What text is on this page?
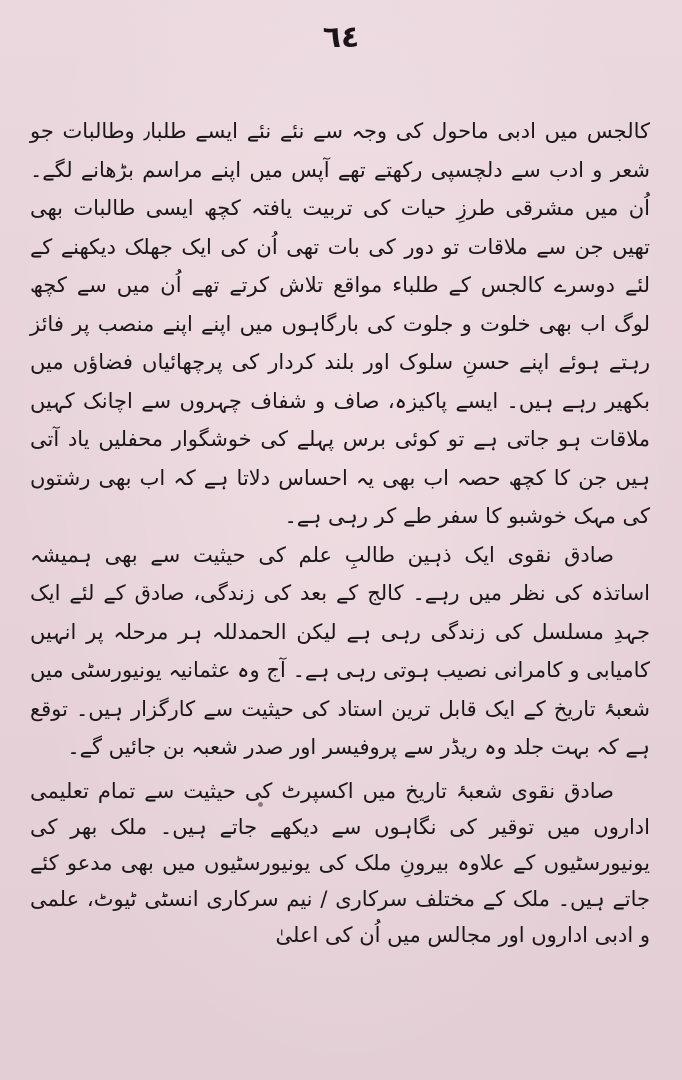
٦٤

کالجس میں ادبی ماحول کی وجہ سے نئے نئے ایسے طلبا٫ وطالبات جو شعر و ادب سے دلچسپی رکھتے تھے آپس میں اپنے مراسم بڑھانے لگے۔ اُن میں مشرقی طرزِ حیات کی تربیت یافتہ کچھ ایسی طالبات بھی تھیں جن سے ملاقات تو دور کی بات تھی اُن کی ایک جھلک دیکھنے کے لئے دوسرے کالجس کے طلباء مواقع تلاش کرتے تھے اُن میں سے کچھ لوگ اب بھی خلوت و جلوت کی بارگاہوں میں اپنے اپنے منصب پر فائز رہتے ہوئے اپنے حسنِ سلوک اور بلند کردار کی پرچھائیاں فضاؤں میں بکھیر رہے ہیں۔ ایسے پاکیزہ، صاف و شفاف چہروں سے اچانک کہیں ملاقات ہو جاتی ہے تو کوئی برس پہلے کی خوشگوار محفلیں یاد آتی ہیں جن کا کچھ حصہ اب بھی یہ احساس دلاتا ہے کہ اب بھی رشتوں کی مہک خوشبو کا سفر طے کر رہی ہے۔

صادق نقوی ایک ذہین طالبِ علم کی حیثیت سے بھی ہمیشہ اساتذہ کی نظر میں رہے۔ کالج کے بعد کی زندگی، صادق کے لئے ایک جہدِ مسلسل کی زندگی رہی ہے لیکن الحمدللہ ہر مرحلہ پر انہیں کامیابی و کامرانی نصیب ہوتی رہی ہے۔ آج وہ عثمانیہ یونیورسٹی میں شعبۂ تاریخ کے ایک قابل ترین استاد کی حیثیت سے کارگزار ہیں۔ توقع ہے کہ بہت جلد وہ ریڈر سے پروفیسر اور صدر شعبہ بن جائیں گے۔

صادق نقوی شعبۂ تاریخ میں اکسپرٹ کی حیثیت سے تمام تعلیمی اداروں میں توقیر کی نگاہوں سے دیکھے جاتے ہیں۔ ملک بھر کی یونیورسٹیوں کے علاوہ بیرونِ ملک کی یونیورسٹیوں میں بھی مدعو کئے جاتے ہیں۔ ملک کے مختلف سرکاری / نیم سرکاری انسٹی ٹیوٹ، علمی و ادبی اداروں اور مجالس میں اُن کی اعلیٰ
